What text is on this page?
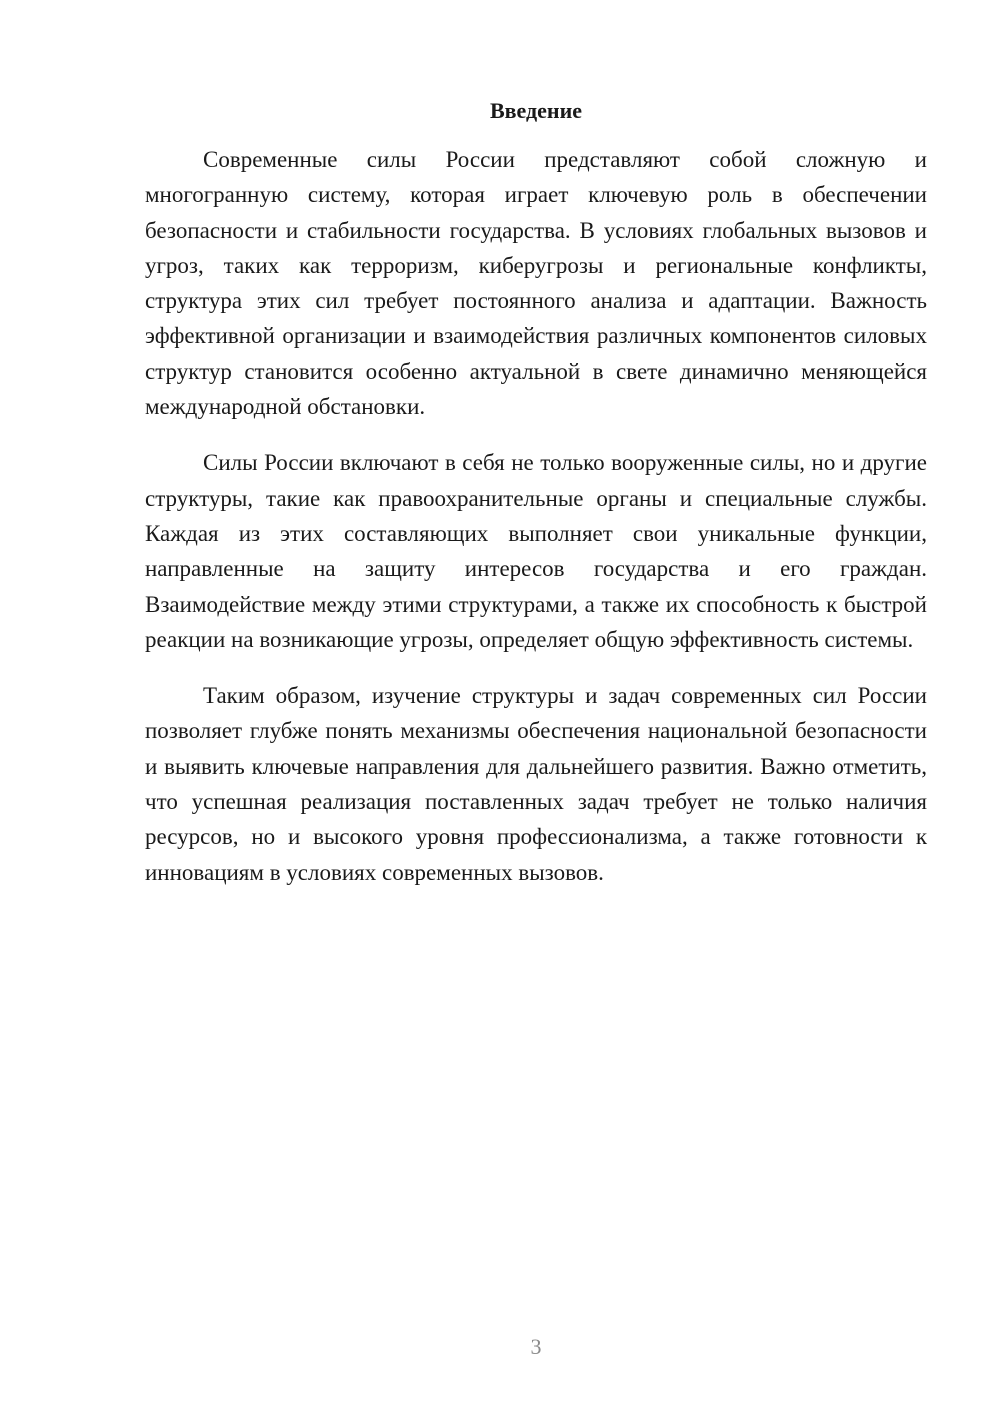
Введение

Современные силы России представляют собой сложную и многогранную систему, которая играет ключевую роль в обеспечении безопасности и стабильности государства. В условиях глобальных вызовов и угроз, таких как терроризм, киберугрозы и региональные конфликты, структура этих сил требует постоянного анализа и адаптации. Важность эффективной организации и взаимодействия различных компонентов силовых структур становится особенно актуальной в свете динамично меняющейся международной обстановки.

Силы России включают в себя не только вооруженные силы, но и другие структуры, такие как правоохранительные органы и специальные службы. Каждая из этих составляющих выполняет свои уникальные функции, направленные на защиту интересов государства и его граждан. Взаимодействие между этими структурами, а также их способность к быстрой реакции на возникающие угрозы, определяет общую эффективность системы.

Таким образом, изучение структуры и задач современных сил России позволяет глубже понять механизмы обеспечения национальной безопасности и выявить ключевые направления для дальнейшего развития. Важно отметить, что успешная реализация поставленных задач требует не только наличия ресурсов, но и высокого уровня профессионализма, а также готовности к инновациям в условиях современных вызовов.

3
